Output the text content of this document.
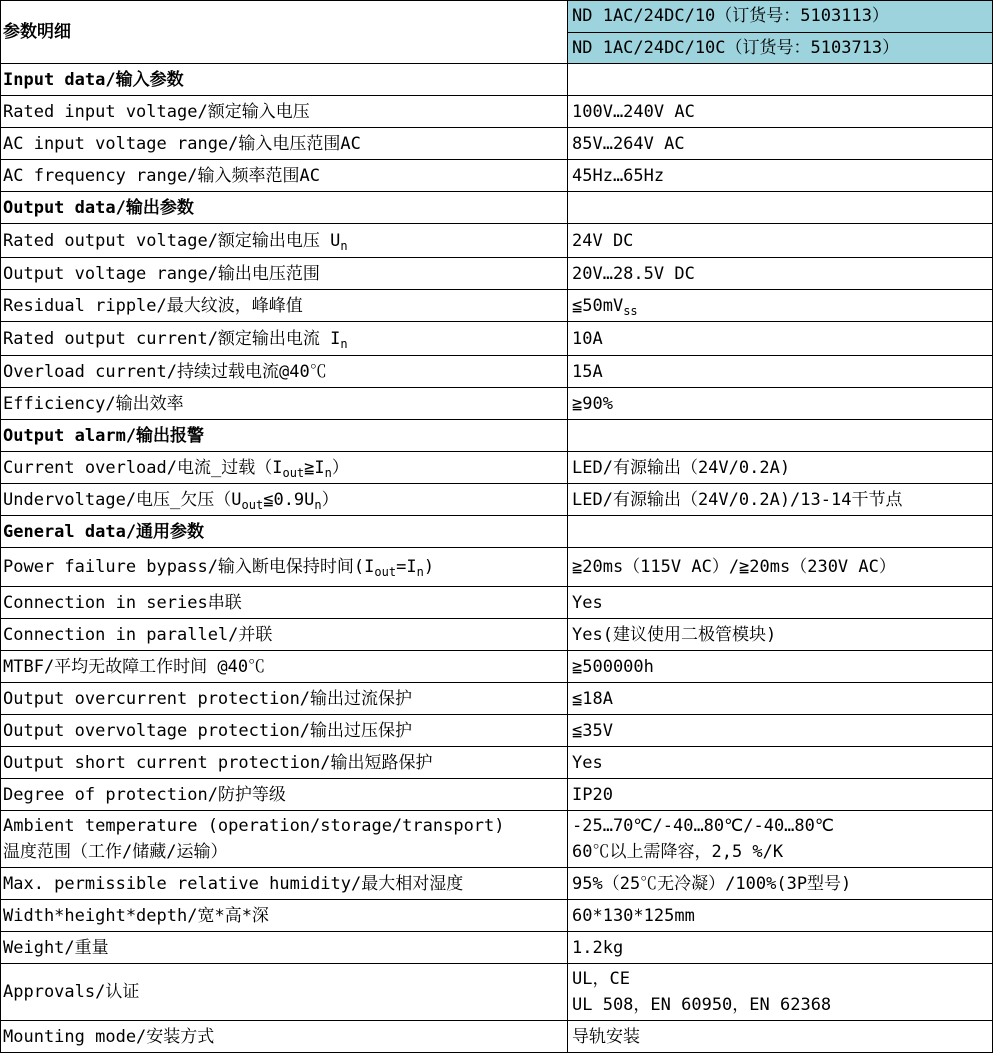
参数明细	ND 1AC/24DC/10（订货号：5103113）
	ND 1AC/24DC/10C（订货号：5103713）
Input data/输入参数	
Rated input voltage/额定输入电压	100V…240V AC
AC input voltage range/输入电压范围AC	85V…264V AC
AC frequency range/输入频率范围AC	45Hz…65Hz
Output data/输出参数	
Rated output voltage/额定输出电压 $U_n$	24V DC
Output voltage range/输出电压范围	20V…28.5V DC
Residual ripple/最大纹波，峰峰值	$≦50mV_{ss}$
Rated output current/额定输出电流 $I_n$	10A
Overload current/持续过载电流@40℃	15A
Efficiency/输出效率	≧90%
Output alarm/输出报警	
Current overload/电流_过载$(I_{out}≧I_n)$	LED/有源输出（24V/0.2A)
Undervoltage/电压_欠压$(U_{out}≦0.9U_n)$	LED/有源输出（24V/0.2A)/13-14干节点
General data/通用参数	
Power failure bypass/输入断电保持时间$(I_{out}=I_n)$	≧20ms（115V AC）/≧20ms（230V AC）
Connection in series串联	Yes
Connection in parallel/并联	Yes(建议使用二极管模块)
MTBF/平均无故障工作时间 @40℃	≧500000h
Output overcurrent protection/输出过流保护	≦18A
Output overvoltage protection/输出过压保护	≦35V
Output short current protection/输出短路保护	Yes
Degree of protection/防护等级	IP20
Ambient temperature (operation/storage/transport)
温度范围（工作/储藏/运输）	-25…70℃/-40…80℃/-40…80℃
60℃以上需降容，2,5 %/K
Max. permissible relative humidity/最大相对湿度	95%（25℃无冷凝）/100%(3P型号)
Width*height*depth/宽*高*深	60*130*125mm
Weight/重量	1.2kg
Approvals/认证	UL，CE
UL 508，EN 60950，EN 62368
Mounting mode/安装方式	导轨安装
